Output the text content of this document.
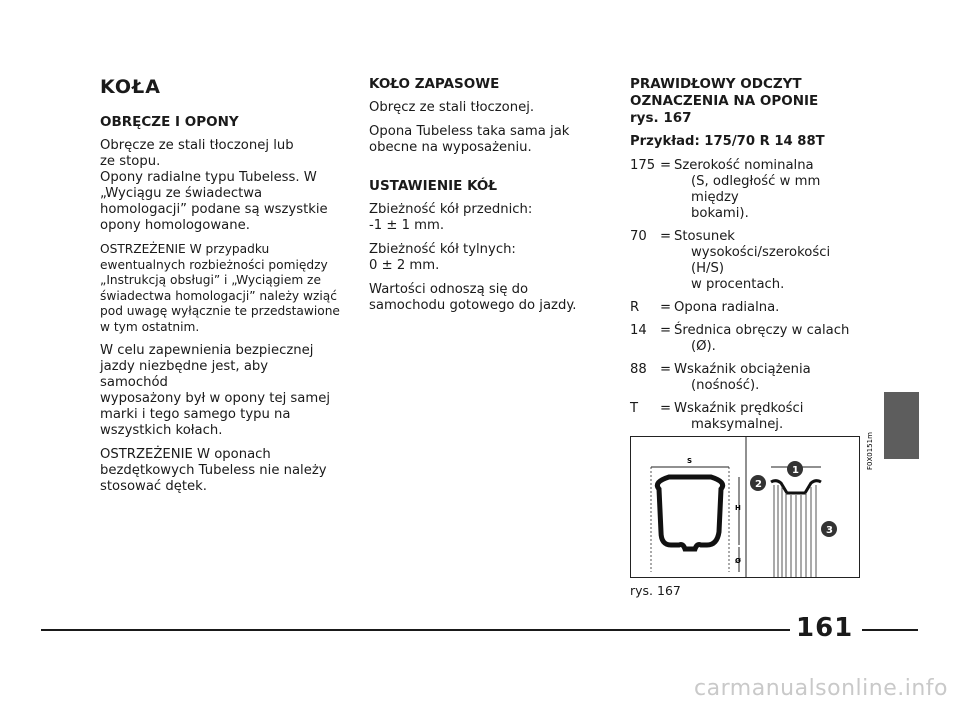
KOŁA
OBRĘCZE I OPONY

Obręcze ze stali tłoczonej lub
ze stopu.
Opony radialne typu Tubeless. W
„Wyciągu ze świadectwa
homologacji” podane są wszystkie
opony homologowane.

OSTRZEŻENIE W przypadku
ewentualnych rozbieżności pomiędzy
„Instrukcją obsługi” i „Wyciągiem ze
świadectwa homologacji” należy wziąć
pod uwagę wyłącznie te przedstawione
w tym ostatnim.

W celu zapewnienia bezpiecznej
jazdy niezbędne jest, aby samochód
wyposażony był w opony tej samej
marki i tego samego typu na
wszystkich kołach.

OSTRZEŻENIE W oponach
bezdętkowych Tubeless nie należy
stosować dętek.

KOŁO ZAPASOWE

Obręcz ze stali tłoczonej.

Opona Tubeless taka sama jak
obecne na wyposażeniu.

USTAWIENIE KÓŁ

Zbieżność kół przednich:
-1 ± 1 mm.

Zbieżność kół tylnych:
0 ± 2 mm.

Wartości odnoszą się do
samochodu gotowego do jazdy.

PRAWIDŁOWY ODCZYT
OZNACZENIA NA OPONIE
rys. 167

Przykład: 175/70 R 14 88T

175 = Szerokość nominalna
(S, odległość w mm między
bokami).
70	= Stosunek
wysokości/szerokości (H/S)
w procentach.
R	= Opona radialna.
14	= Średnica obręczy w calach
(Ø).
88	= Wskaźnik obciążenia
(nośność).
T	= Wskaźnik prędkości
maksymalnej.
S
H
Ø
1
2
3
F0X0151m
rys. 167
161
carmanualsonline.info
